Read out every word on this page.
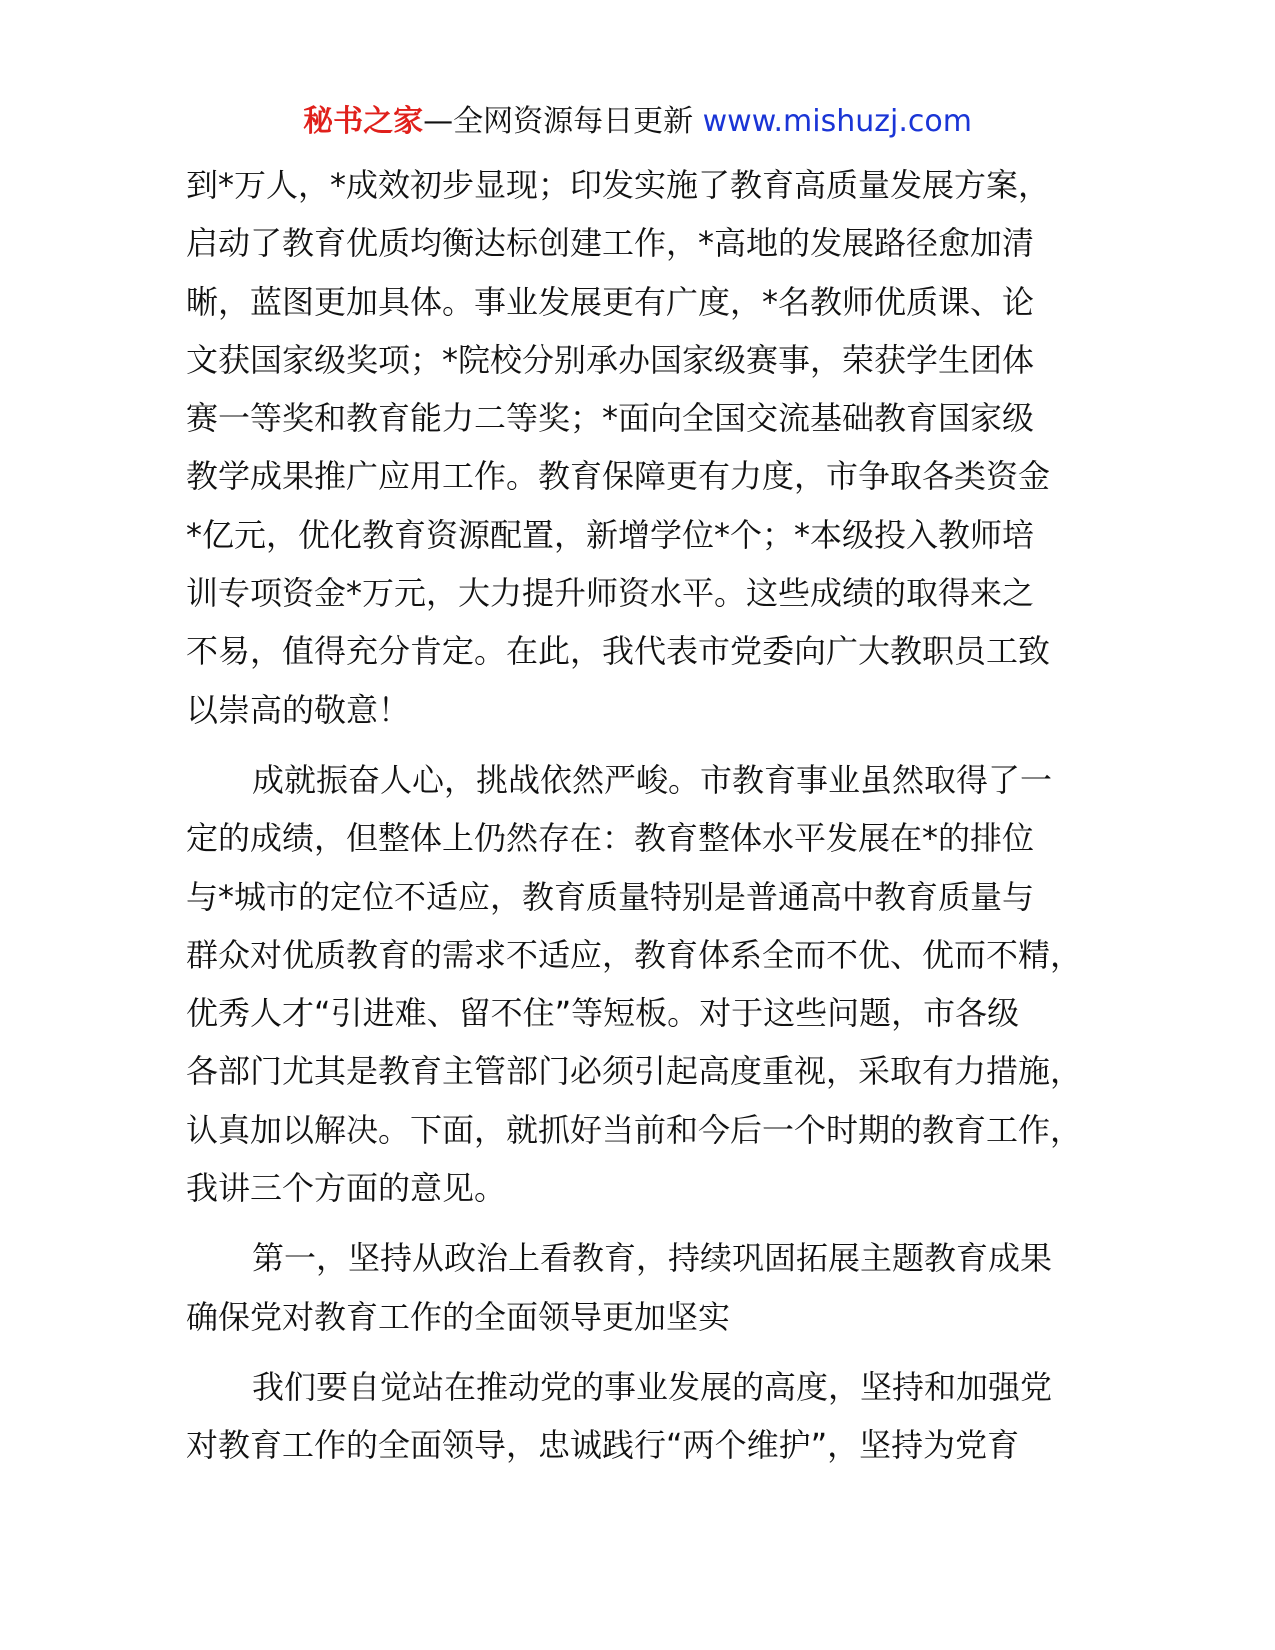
秘书之家—全网资源每日更新 www.mishuzj.com
到*万人，*成效初步显现；印发实施了教育高质量发展方案，
启动了教育优质均衡达标创建工作，*高地的发展路径愈加清
晰，蓝图更加具体。事业发展更有广度，*名教师优质课、论
文获国家级奖项；*院校分别承办国家级赛事，荣获学生团体
赛一等奖和教育能力二等奖；*面向全国交流基础教育国家级
教学成果推广应用工作。教育保障更有力度，市争取各类资金
*亿元，优化教育资源配置，新增学位*个；*本级投入教师培
训专项资金*万元，大力提升师资水平。这些成绩的取得来之
不易，值得充分肯定。在此，我代表市党委向广大教职员工致
以崇高的敬意！
成就振奋人心，挑战依然严峻。市教育事业虽然取得了一
定的成绩，但整体上仍然存在：教育整体水平发展在*的排位
与*城市的定位不适应，教育质量特别是普通高中教育质量与
群众对优质教育的需求不适应，教育体系全而不优、优而不精，
优秀人才“引进难、留不住”等短板。对于这些问题，市各级
各部门尤其是教育主管部门必须引起高度重视，采取有力措施，
认真加以解决。下面，就抓好当前和今后一个时期的教育工作，
我讲三个方面的意见。
第一，坚持从政治上看教育，持续巩固拓展主题教育成果
确保党对教育工作的全面领导更加坚实
我们要自觉站在推动党的事业发展的高度，坚持和加强党
对教育工作的全面领导，忠诚践行“两个维护”，坚持为党育
